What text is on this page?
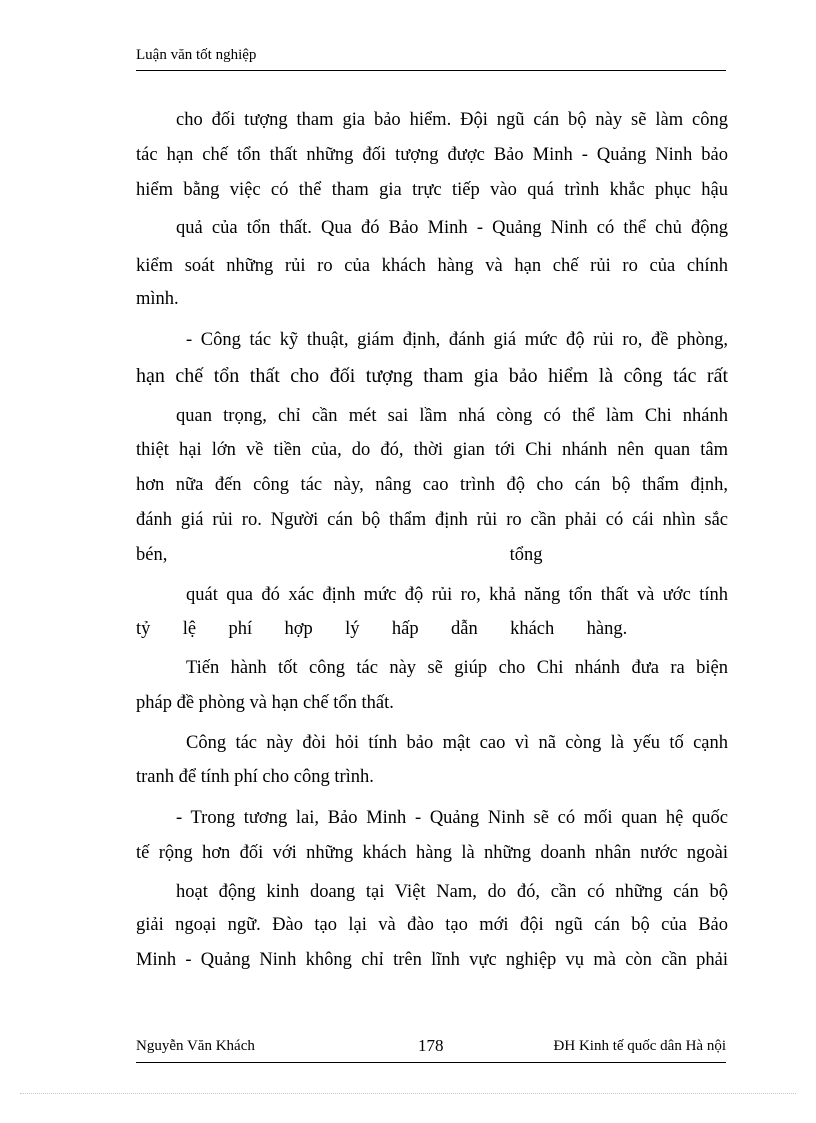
Luận văn tốt nghiệp
cho đối tượng tham gia bảo hiểm. Đội ngũ cán bộ này sẽ làm công
tác hạn chế tổn thất những đối tượng được Bảo Minh - Quảng Ninh bảo
hiểm bằng việc có thể tham gia trực tiếp vào quá trình khắc phục hậu
quả của tổn thất. Qua đó Bảo Minh - Quảng Ninh có thể chủ động
kiểm soát những rủi ro của khách hàng và hạn chế rủi ro của chính
mình.
- Công tác kỹ thuật, giám định, đánh giá mức độ rủi ro, đề phòng,
hạn chế tổn thất cho đối tượng tham gia bảo hiểm là công tác rất
quan trọng, chỉ cần mét sai lầm nhá còng có thể làm Chi nhánh
thiệt hại lớn về tiền của, do đó, thời gian tới Chi nhánh nên quan tâm
hơn nữa đến công tác này, nâng cao trình độ cho cán bộ thẩm định,
đánh giá rủi ro. Người cán bộ thẩm định rủi ro cần phải có cái nhìn sắc
bén,                                                                          tổng
quát qua đó xác định mức độ rủi ro, khả năng tổn thất và ước tính
tỷ       lệ       phí       hợp       lý       hấp       dẫn       khách       hàng.
Tiến hành tốt công tác này sẽ giúp cho Chi nhánh đưa ra biện
pháp đề phòng và hạn chế tổn thất.
Công tác này đòi hỏi tính bảo mật cao vì nã còng là yếu tố cạnh
tranh để tính phí cho công trình.
- Trong tương lai, Bảo Minh - Quảng Ninh sẽ có mối quan hệ quốc
tế rộng hơn đối với những khách hàng là những doanh nhân nước ngoài
hoạt động kinh doang tại Việt Nam, do đó, cần có những cán bộ
giải ngoại ngữ. Đào tạo lại và đào tạo mới đội ngũ cán bộ của Bảo
Minh - Quảng Ninh không chỉ trên lĩnh vực nghiệp vụ mà còn cần phải
Nguyễn Văn Khách	178	ĐH Kinh tế quốc dân Hà nội
